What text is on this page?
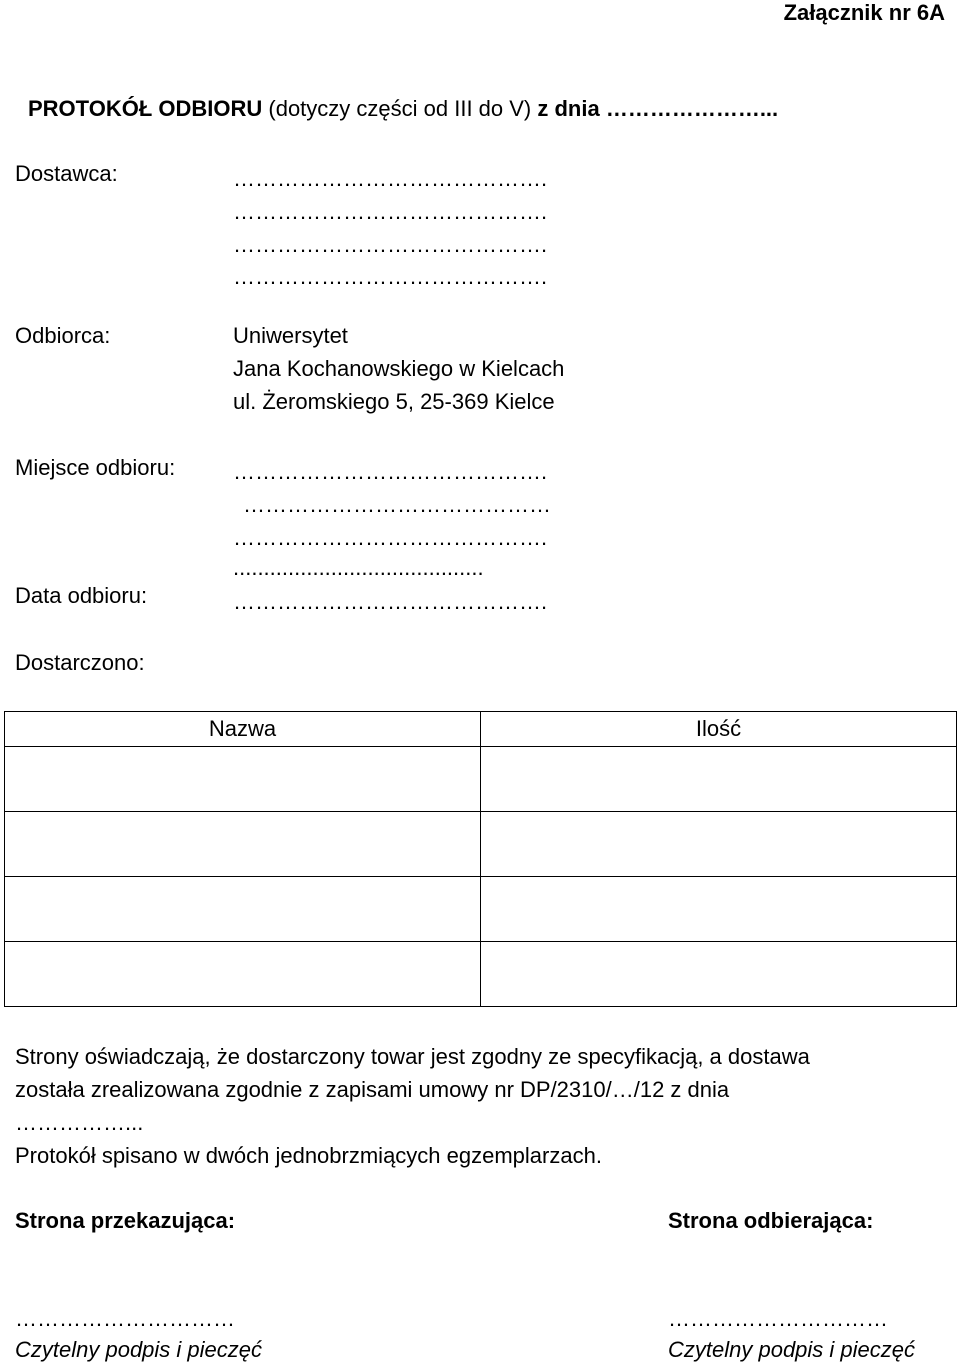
Załącznik nr 6A
PROTOKÓŁ ODBIORU (dotyczy części od III do V) z dnia …………………...
Dostawca:	…………………………………….
…………………………………….
…………………………………….
…………………………………….
Odbiorca:	Uniwersytet
Jana Kochanowskiego w Kielcach
ul. Żeromskiego 5, 25-369 Kielce
Miejsce odbioru:	…………………………………….
……………………………………
…………………………………….
.........................................
Data odbioru:	…………………………………….
Dostarczono:
Nazwa	Ilość

Strony oświadczają, że dostarczony towar jest zgodny ze specyfikacją, a dostawa
została zrealizowana zgodnie z zapisami umowy nr DP/2310/…/12 z dnia
……………...
Protokół spisano w dwóch jednobrzmiących egzemplarzach.
Strona przekazująca:	Strona odbierająca:
…………………………	…………………………
Czytelny podpis i pieczęć	Czytelny podpis i pieczęć
